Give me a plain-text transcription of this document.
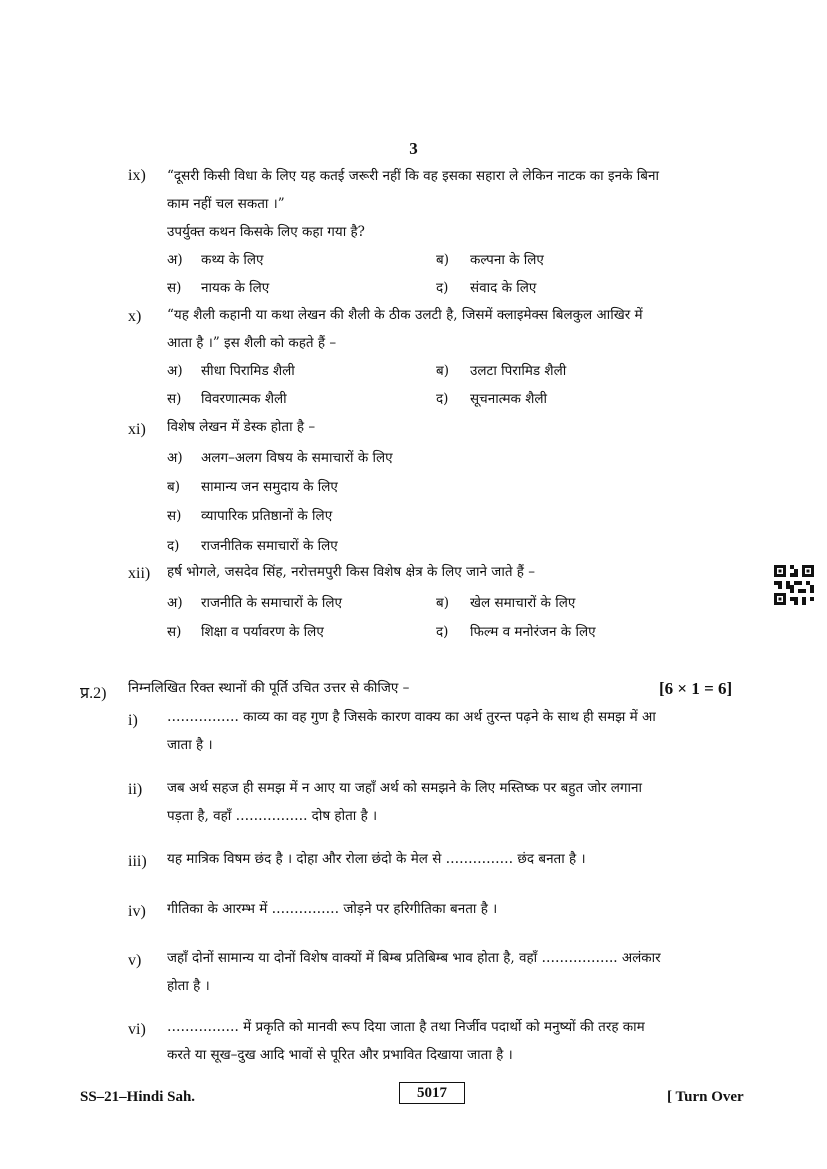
3
ix) “दूसरी किसी विधा के लिए यह कतई जरूरी नहीं कि वह इसका सहारा ले लेकिन नाटक का इनके बिना
काम नहीं चल सकता ।”
उपर्युक्त कथन किसके लिए कहा गया है?
अ) कथ्य के लिए	ब) कल्पना के लिए
स) नायक के लिए	द) संवाद के लिए
x) “यह शैली कहानी या कथा लेखन की शैली के ठीक उलटी है, जिसमें क्लाइमेक्स बिलकुल आखिर में
आता है ।” इस शैली को कहते हैं –
अ) सीधा पिरामिड शैली	ब) उलटा पिरामिड शैली
स) विवरणात्मक शैली	द) सूचनात्मक शैली
xi) विशेष लेखन में डेस्क होता है –
अ) अलग–अलग विषय के समाचारों के लिए
ब) सामान्य जन समुदाय के लिए
स) व्यापारिक प्रतिष्ठानों के लिए
द) राजनीतिक समाचारों के लिए
xii) हर्ष भोगले, जसदेव सिंह, नरोत्तमपुरी किस विशेष क्षेत्र के लिए जाने जाते हैं –
अ) राजनीति के समाचारों के लिए	ब) खेल समाचारों के लिए
स) शिक्षा व पर्यावरण के लिए	द) फिल्म व मनोरंजन के लिए
प्र.2) निम्नलिखित रिक्त स्थानों की पूर्ति उचित उत्तर से कीजिए –	[6 × 1 = 6]
i) ……………. काव्य का वह गुण है जिसके कारण वाक्य का अर्थ तुरन्त पढ़ने के साथ ही समझ में आ
जाता है ।
ii) जब अर्थ सहज ही समझ में न आए या जहाँ अर्थ को समझने के लिए मस्तिष्क पर बहुत जोर लगाना
पड़ता है, वहाँ ……………. दोष होता है ।
iii) यह मात्रिक विषम छंद है । दोहा और रोला छंदो के मेल से …………… छंद बनता है ।
iv) गीतिका के आरम्भ में …………… जोड़ने पर हरिगीतिका बनता है ।
v) जहाँ दोनों सामान्य या दोनों विशेष वाक्यों में बिम्ब प्रतिबिम्ब भाव होता है, वहाँ …………….. अलंकार
होता है ।
vi) ……………. में प्रकृति को मानवी रूप दिया जाता है तथा निर्जीव पदार्थो को मनुष्यों की तरह काम
करते या सूख–दुख आदि भावों से पूरित और प्रभावित दिखाया जाता है ।
SS–21–Hindi Sah.	5017	[ Turn Over
